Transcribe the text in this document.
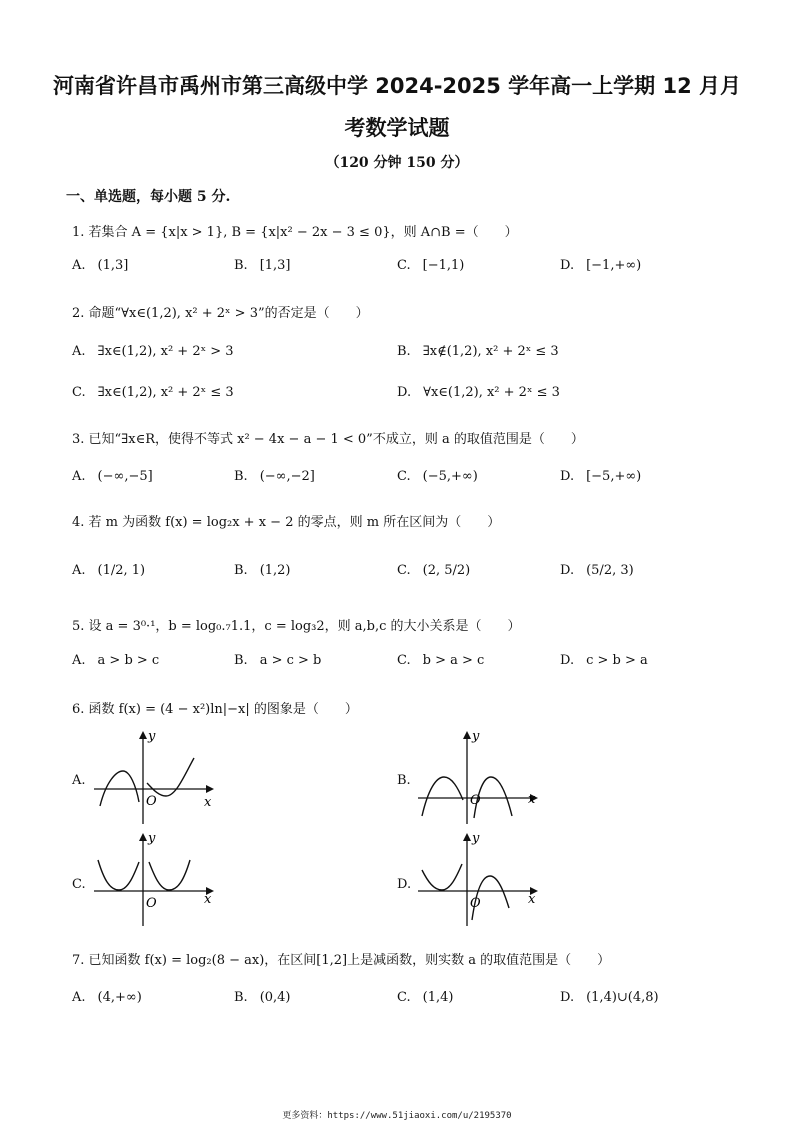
河南省许昌市禹州市第三高级中学 2024-2025 学年高一上学期 12 月月
考数学试题
（120 分钟 150 分）
一、单选题，每小题 5 分.
1. 若集合 A = {x|x > 1}, B = {x|x² − 2x − 3 ≤ 0}，则 A∩B =（　　）
A. (1,3]	B. [1,3]	C. [−1,1)	D. [−1,+∞)
2. 命题“∀x∈(1,2), x² + 2ˣ > 3”的否定是（　　）
A. ∃x∈(1,2), x² + 2ˣ > 3	B. ∃x∉(1,2), x² + 2ˣ ≤ 3
C. ∃x∈(1,2), x² + 2ˣ ≤ 3	D. ∀x∈(1,2), x² + 2ˣ ≤ 3
3. 已知“∃x∈R，使得不等式 x² − 4x − a − 1 < 0”不成立，则 a 的取值范围是（　　）
A. (−∞,−5]	B. (−∞,−2]	C. (−5,+∞)	D. [−5,+∞)
4. 若 m 为函数 f(x) = log₂x + x − 2 的零点，则 m 所在区间为（　　）
A. (1/2, 1)	B. (1,2)	C. (2, 5/2)	D. (5/2, 3)
5. 设 a = 3⁰·¹，b = log₀.₇1.1，c = log₃2，则 a,b,c 的大小关系是（　　）
A. a > b > c	B. a > c > b	C. b > a > c	D. c > b > a
6. 函数 f(x) = (4 − x²)ln|−x| 的图象是（　　）
A.
y
x
O
B.
y
x
O
C.
y
x
O
D.
y
x
O
7. 已知函数 f(x) = log₂(8 − ax)，在区间[1,2]上是减函数，则实数 a 的取值范围是（　　）
A. (4,+∞)	B. (0,4)	C. (1,4)	D. (1,4)∪(4,8)
更多资料：https://www.51jiaoxi.com/u/2195370
